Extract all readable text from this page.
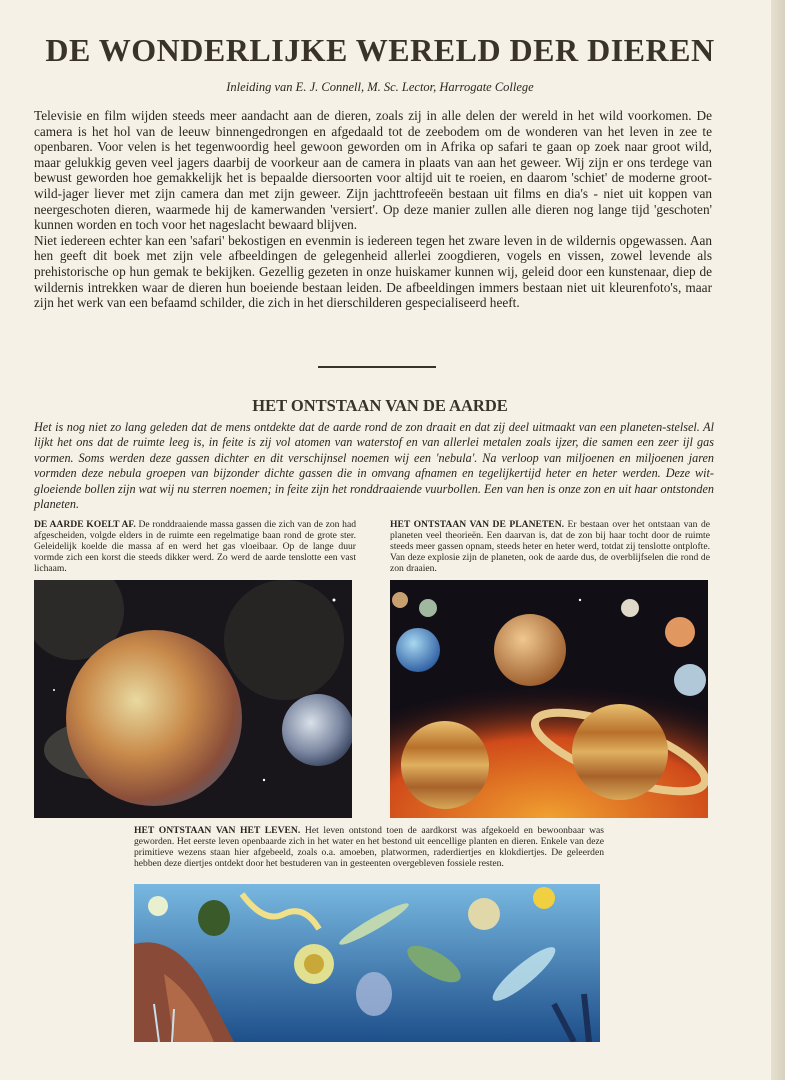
DE WONDERLIJKE WERELD DER DIEREN
Inleiding van E. J. Connell, M. Sc. Lector, Harrogate College

Televisie en film wijden steeds meer aandacht aan de dieren, zoals zij in alle delen der wereld in het wild voorkomen. De camera is het hol van de leeuw binnengedrongen en afgedaald tot de zeebodem om de wonderen van het leven in zee te openbaren. Voor velen is het tegenwoordig heel gewoon geworden om in Afrika op safari te gaan op zoek naar groot wild, maar gelukkig geven veel jagers daarbij de voorkeur aan de camera in plaats van aan het geweer. Wij zijn er ons terdege van bewust geworden hoe gemakkelijk het is bepaalde diersoorten voor altijd uit te roeien, en daarom 'schiet' de moderne groot-wild-jager liever met zijn camera dan met zijn geweer. Zijn jachttrofeeën bestaan uit films en dia's - niet uit koppen van neergeschoten dieren, waarmede hij de kamerwanden 'versiert'. Op deze manier zullen alle dieren nog lange tijd 'geschoten' kunnen worden en toch voor het nageslacht bewaard blijven.

Niet iedereen echter kan een 'safari' bekostigen en evenmin is iedereen tegen het zware leven in de wildernis opgewassen. Aan hen geeft dit boek met zijn vele afbeeldingen de gelegenheid allerlei zoogdieren, vogels en vissen, zowel levende als prehistorische op hun gemak te bekijken. Gezellig gezeten in onze huiskamer kunnen wij, geleid door een kunstenaar, diep de wildernis intrekken waar de dieren hun boeiende bestaan leiden. De afbeeldingen immers bestaan niet uit kleurenfoto's, maar zijn het werk van een befaamd schilder, die zich in het dierschilderen gespecialiseerd heeft.

HET ONTSTAAN VAN DE AARDE
Het is nog niet zo lang geleden dat de mens ontdekte dat de aarde rond de zon draait en dat zij deel uitmaakt van een planeten-stelsel. Al lijkt het ons dat de ruimte leeg is, in feite is zij vol atomen van waterstof en van allerlei metalen zoals ijzer, die samen een zeer ijl gas vormen. Soms werden deze gassen dichter en dit verschijnsel noemen wij een 'nebula'. Na verloop van miljoenen en miljoenen jaren vormden deze nebula groepen van bijzonder dichte gassen die in omvang afnamen en tegelijkertijd heter en heter werden. Deze wit-gloeiende bollen zijn wat wij nu sterren noemen; in feite zijn het ronddraaiende vuurbollen. Een van hen is onze zon en uit haar ontstonden planeten.
DE AARDE KOELT AF. De ronddraaiende massa gassen die zich van de zon had afgescheiden, volgde elders in de ruimte een regelmatige baan rond de grote ster. Geleidelijk koelde die massa af en werd het gas vloeibaar. Op de lange duur vormde zich een korst die steeds dikker werd. Zo werd de aarde tenslotte een vast lichaam.
HET ONTSTAAN VAN DE PLANETEN. Er bestaan over het ontstaan van de planeten veel theorieën. Een daarvan is, dat de zon bij haar tocht door de ruimte steeds meer gassen opnam, steeds heter en heter werd, totdat zij tenslotte ontplofte. Van deze explosie zijn de planeten, ook de aarde dus, de overblijfselen die rond de zon draaien.
HET ONTSTAAN VAN HET LEVEN. Het leven ontstond toen de aardkorst was afgekoeld en bewoonbaar was geworden. Het eerste leven openbaarde zich in het water en het bestond uit eencellige planten en dieren. Enkele van deze primitieve wezens staan hier afgebeeld, zoals o.a. amoeben, platwormen, raderdiertjes en klokdiertjes. De geleerden hebben deze diertjes ontdekt door het bestuderen van in gesteenten overgebleven fossiele resten.
